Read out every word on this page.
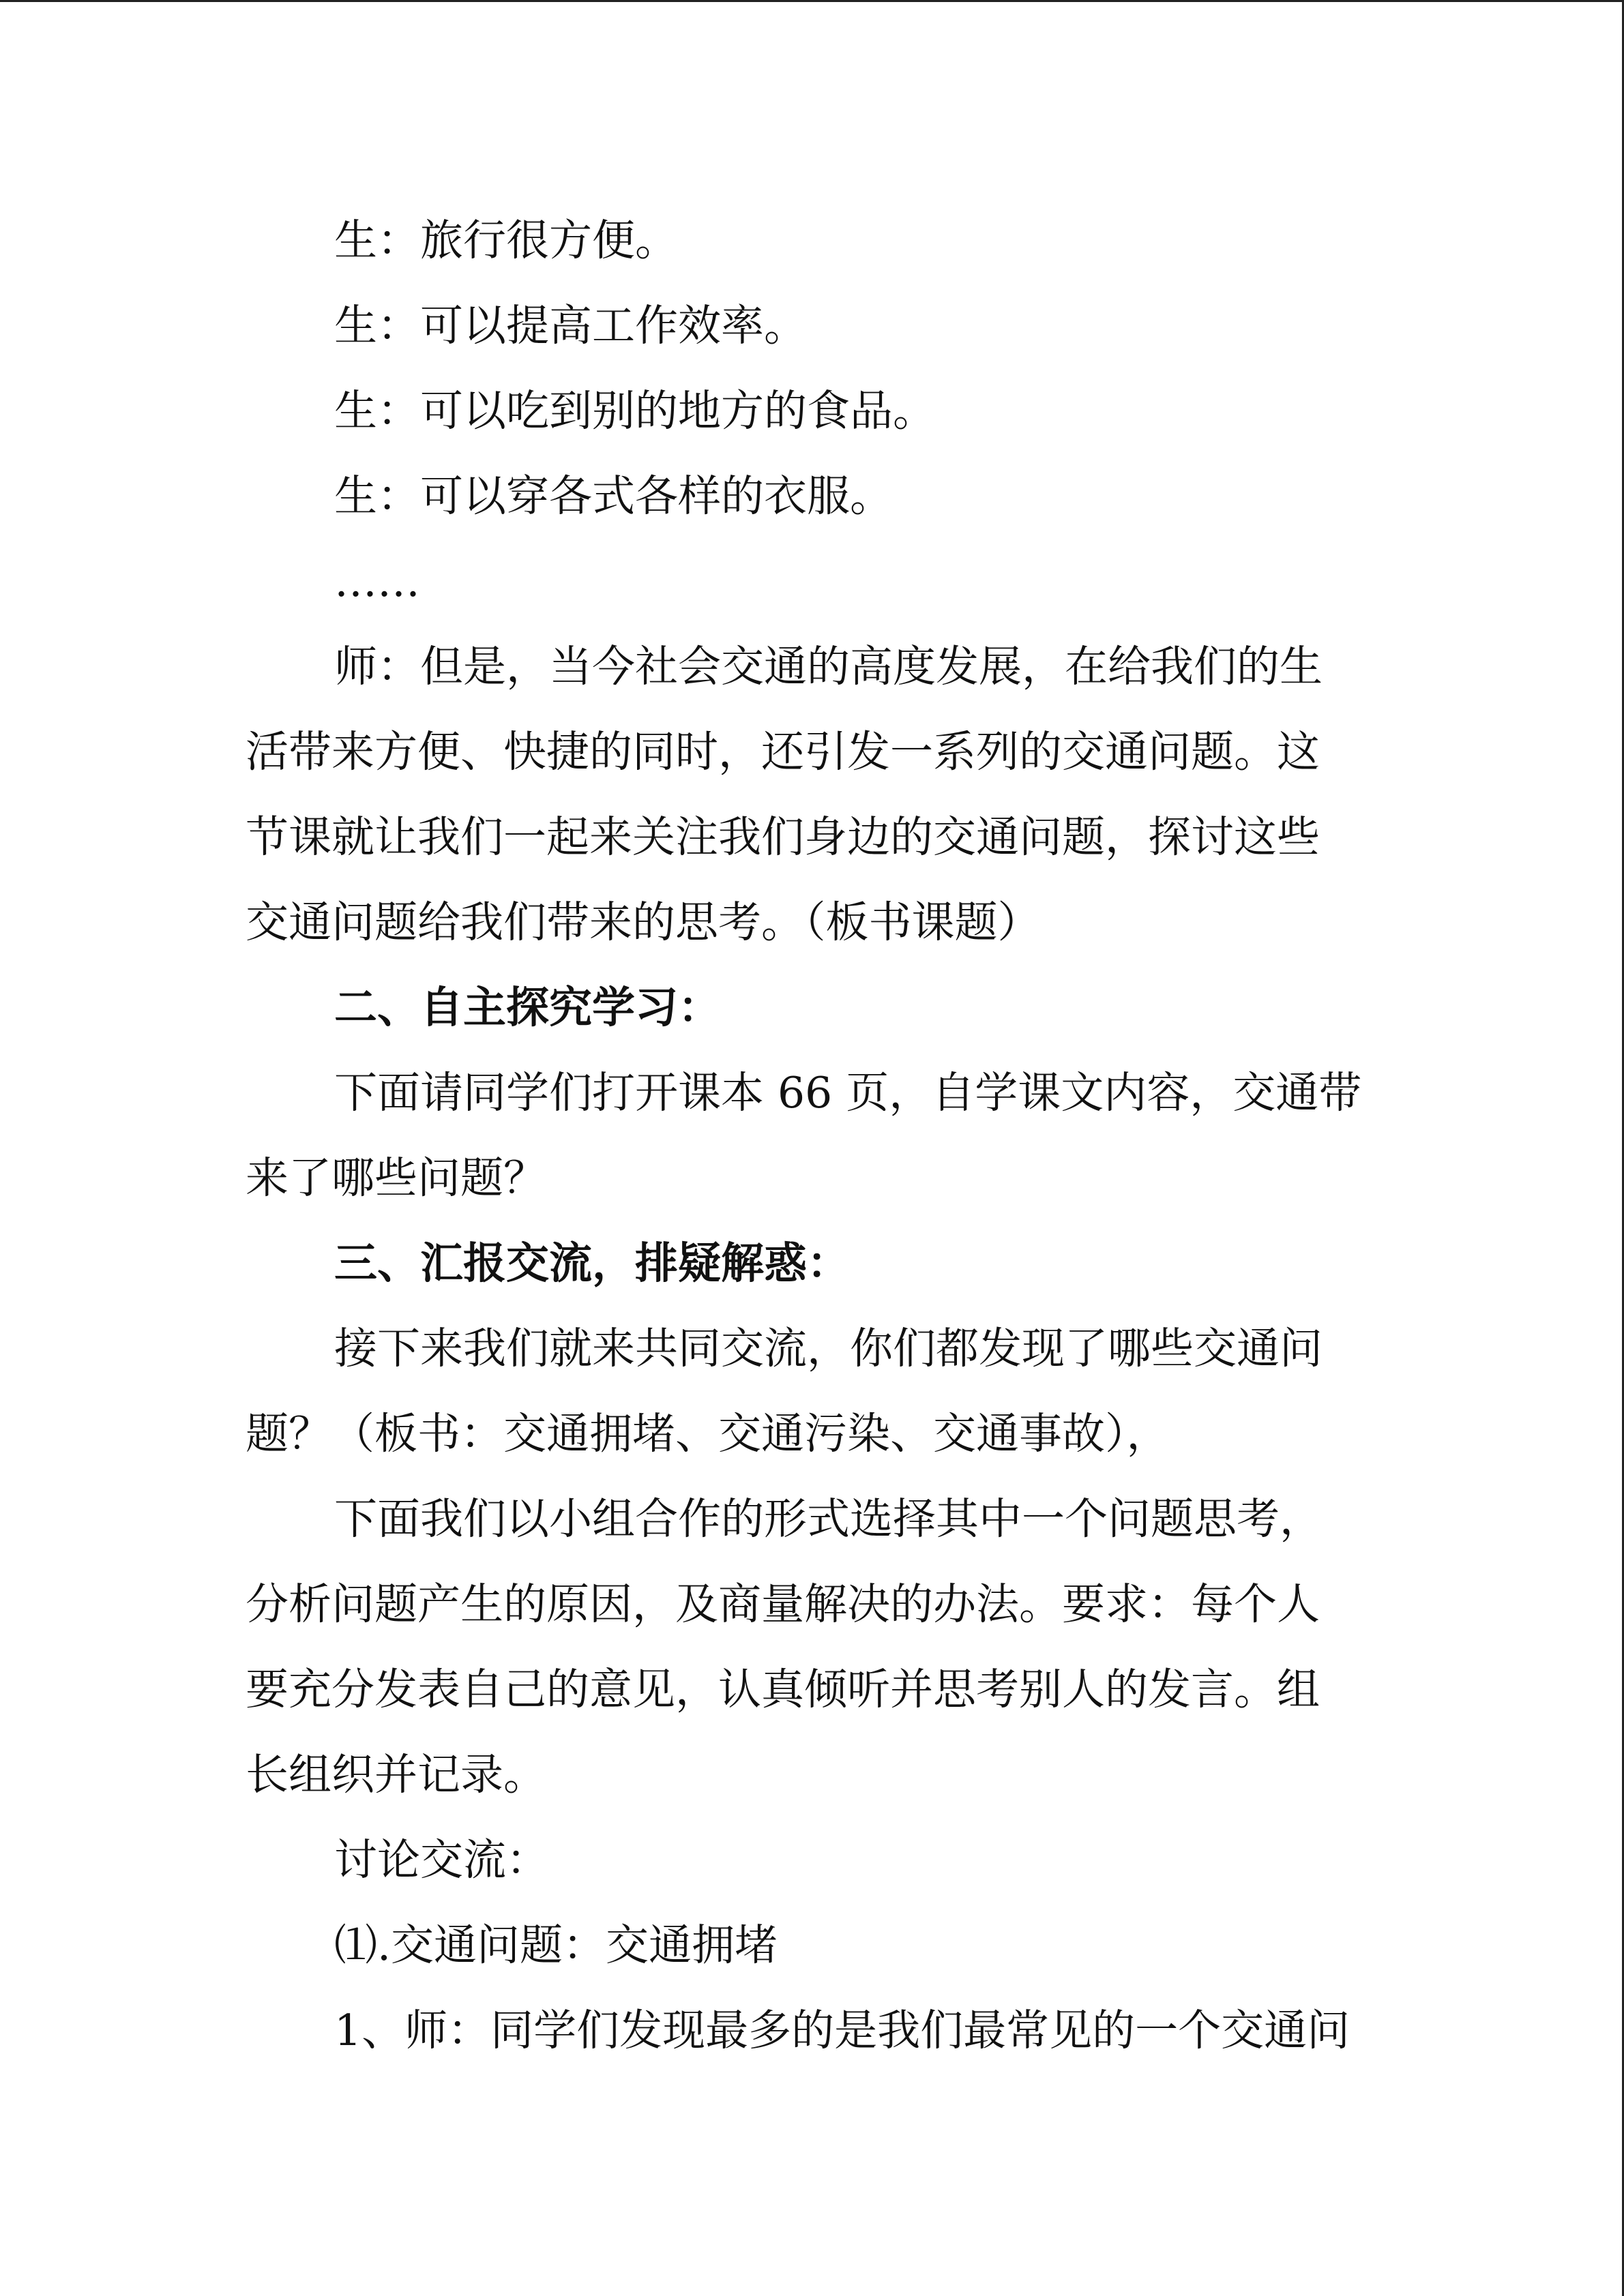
生：旅行很方便。
生：可以提高工作效率。
生：可以吃到别的地方的食品。
生：可以穿各式各样的衣服。
……
师：但是，当今社会交通的高度发展，在给我们的生
活带来方便、快捷的同时，还引发一系列的交通问题。这
节课就让我们一起来关注我们身边的交通问题，探讨这些
交通问题给我们带来的思考。（板书课题）
二、自主探究学习：
下面请同学们打开课本 66 页，自学课文内容，交通带
来了哪些问题？
三、汇报交流，排疑解惑：
接下来我们就来共同交流，你们都发现了哪些交通问
题？（板书：交通拥堵、交通污染、交通事故），
下面我们以小组合作的形式选择其中一个问题思考，
分析问题产生的原因，及商量解决的办法。要求：每个人
要充分发表自己的意见，认真倾听并思考别人的发言。组
长组织并记录。
讨论交流：
⑴.交通问题：交通拥堵
1、师：同学们发现最多的是我们最常见的一个交通问
